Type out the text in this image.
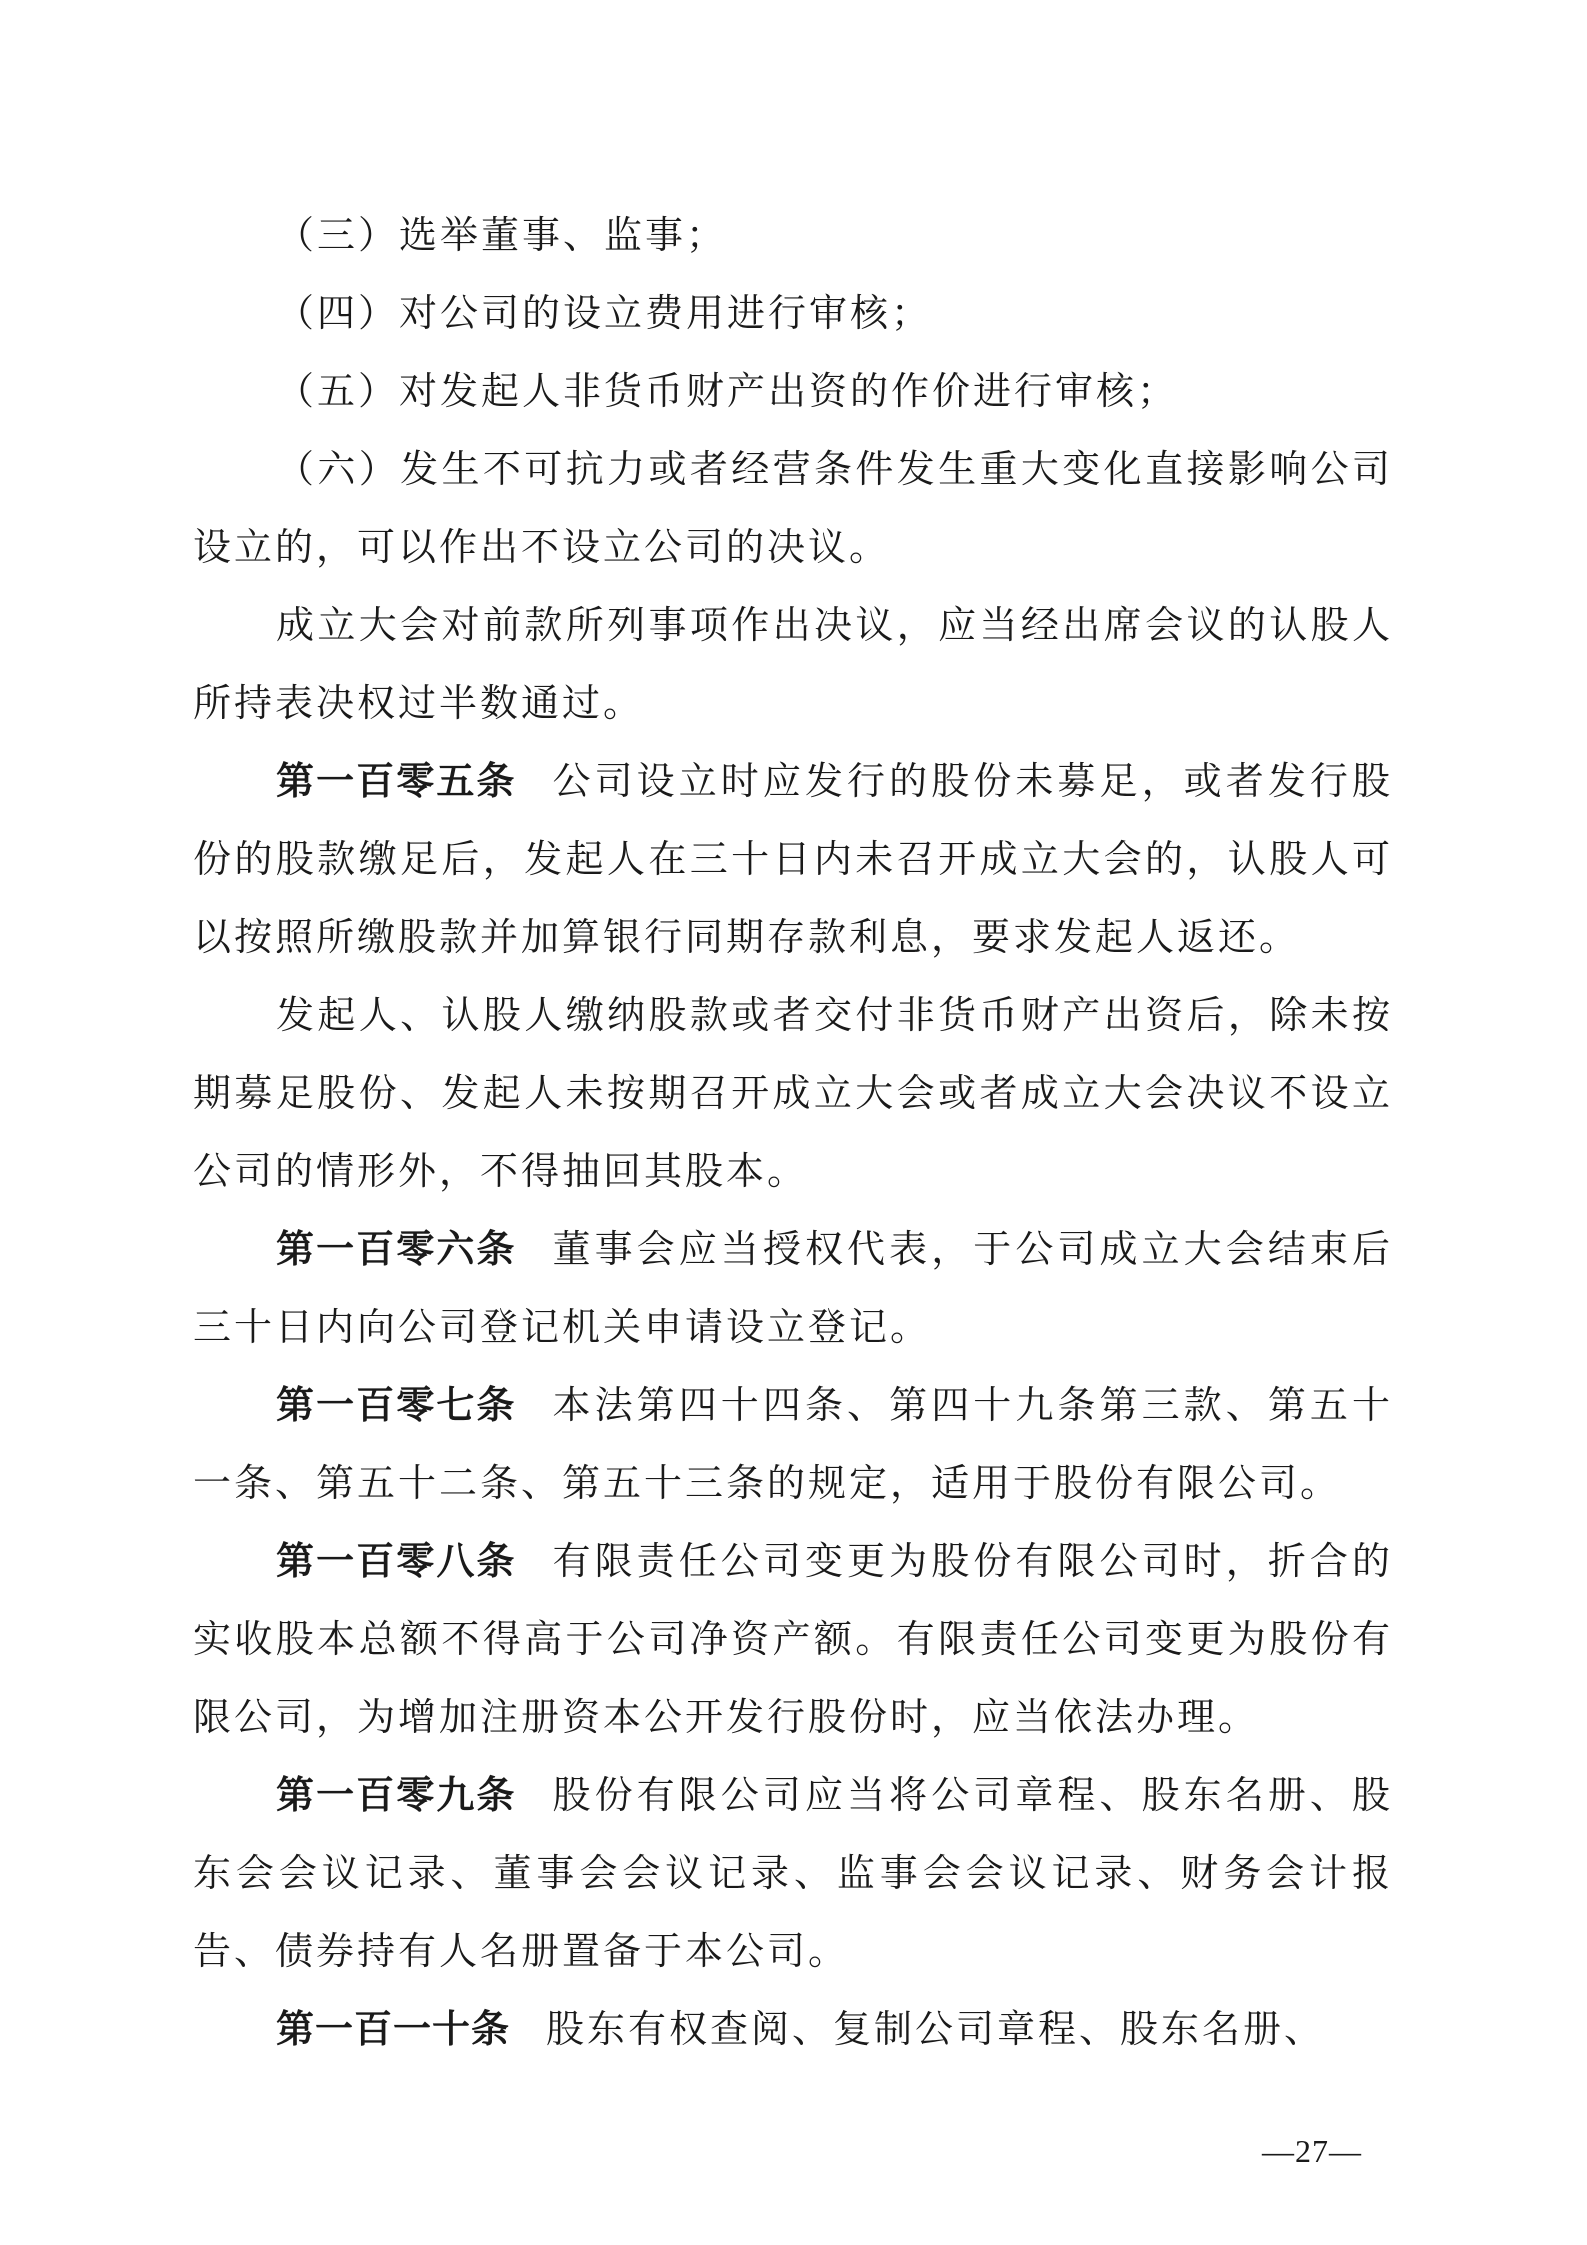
（三）选举董事、监事；

（四）对公司的设立费用进行审核；

（五）对发起人非货币财产出资的作价进行审核；

（六）发生不可抗力或者经营条件发生重大变化直接影响公司设立的，可以作出不设立公司的决议。

成立大会对前款所列事项作出决议，应当经出席会议的认股人所持表决权过半数通过。

第一百零五条 公司设立时应发行的股份未募足，或者发行股份的股款缴足后，发起人在三十日内未召开成立大会的，认股人可以按照所缴股款并加算银行同期存款利息，要求发起人返还。

发起人、认股人缴纳股款或者交付非货币财产出资后，除未按期募足股份、发起人未按期召开成立大会或者成立大会决议不设立公司的情形外，不得抽回其股本。

第一百零六条 董事会应当授权代表，于公司成立大会结束后三十日内向公司登记机关申请设立登记。

第一百零七条 本法第四十四条、第四十九条第三款、第五十一条、第五十二条、第五十三条的规定，适用于股份有限公司。

第一百零八条 有限责任公司变更为股份有限公司时，折合的实收股本总额不得高于公司净资产额。有限责任公司变更为股份有限公司，为增加注册资本公开发行股份时，应当依法办理。

第一百零九条 股份有限公司应当将公司章程、股东名册、股东会会议记录、董事会会议记录、监事会会议记录、财务会计报告、债券持有人名册置备于本公司。

第一百一十条 股东有权查阅、复制公司章程、股东名册、

—27—
